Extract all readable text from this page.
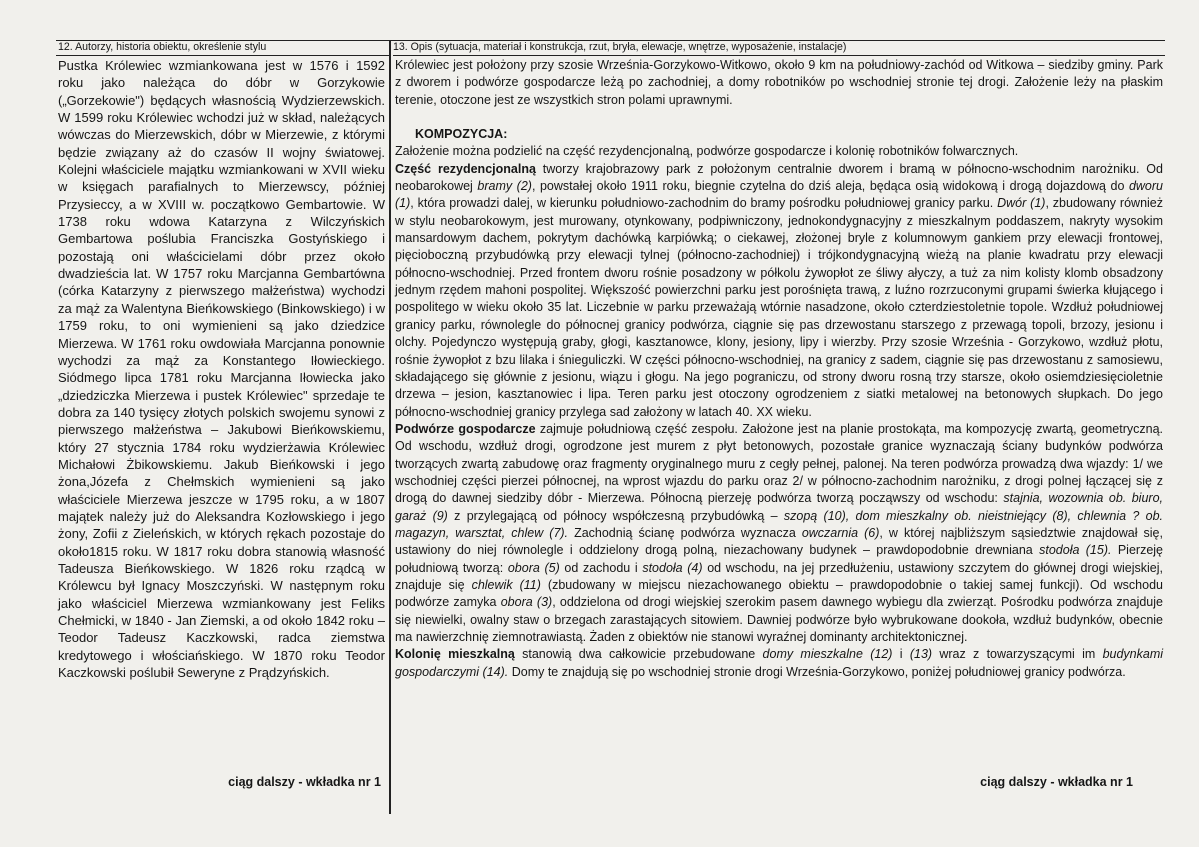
12. Autorzy, historia obiektu, określenie stylu
Pustka Królewiec wzmiankowana jest w 1576 i 1592 roku jako należąca do dóbr w Gorzykowie („Gorzekowie") będących własnością Wydzierzewskich. W 1599 roku Królewiec wchodzi już w skład, należących wówczas do Mierzewskich, dóbr w Mierzewie, z którymi będzie związany aż do czasów II wojny światowej. Kolejni właściciele majątku wzmiankowani w XVII wieku w księgach parafialnych to Mierzewscy, później Przysieccy, a w XVIII w. początkowo Gembartowie. W 1738 roku wdowa Katarzyna z Wilczyńskich Gembartowa poślubia Franciszka Gostyńskiego i pozostają oni właścicielami dóbr przez około dwadzieścia lat. W 1757 roku Marcjanna Gembartówna (córka Katarzyny z pierwszego małżeństwa) wychodzi za mąż za Walentyna Bieńkowskiego (Binkowskiego) i w 1759 roku, to oni wymienieni są jako dziedzice Mierzewa. W 1761 roku owdowiała Marcjanna ponownie wychodzi za mąż za Konstantego Iłowieckiego. Siódmego lipca 1781 roku Marcjanna Iłowiecka jako „dziedziczka Mierzewa i pustek Królewiec" sprzedaje te dobra za 140 tysięcy złotych polskich swojemu synowi z pierwszego małżeństwa – Jakubowi Bieńkowskiemu, który 27 stycznia 1784 roku wydzierżawia Królewiec Michałowi Żbikowskiemu. Jakub Bieńkowski i jego żona,Józefa z Chełmskich wymienieni są jako właściciele Mierzewa jeszcze w 1795 roku, a w 1807 majątek należy już do Aleksandra Kozłowskiego i jego żony, Zofii z Zieleńskich, w których rękach pozostaje do około1815 roku. W 1817 roku dobra stanowią własność Tadeusza Bieńkowskiego. W 1826 roku rządcą w Królewcu był Ignacy Moszczyński. W następnym roku jako właściciel Mierzewa wzmiankowany jest Feliks Chełmicki, w 1840 - Jan Ziemski, a od około 1842 roku – Teodor Tadeusz Kaczkowski, radca ziemstwa kredytowego i włościańskiego. W 1870 roku Teodor Kaczkowski poślubił Seweryne z Prądzyńskich.
ciąg dalszy - wkładka nr 1
13. Opis (sytuacja, materiał i konstrukcja, rzut, bryła, elewacje, wnętrze, wyposażenie, instalacje)

Królewiec jest położony przy szosie Września-Gorzykowo-Witkowo, około 9 km na południowy-zachód od Witkowa – siedziby gminy. Park z dworem i podwórze gospodarcze leżą po zachodniej, a domy robotników po wschodniej stronie tej drogi. Założenie leży na płaskim terenie, otoczone jest ze wszystkich stron polami uprawnymi.

KOMPOZYCJA:

Założenie można podzielić na część rezydencjonalną, podwórze gospodarcze i kolonię robotników folwarcznych.

Część rezydencjonalną tworzy krajobrazowy park z położonym centralnie dworem i bramą w północno-wschodnim narożniku. Od neobarokowej bramy (2), powstałej około 1911 roku, biegnie czytelna do dziś aleja, będąca osią widokową i drogą dojazdową do dworu (1), która prowadzi dalej, w kierunku południowo-zachodnim do bramy pośrodku południowej granicy parku. Dwór (1), zbudowany również w stylu neobarokowym, jest murowany, otynkowany, podpiwniczony, jednokondygnacyjny z mieszkalnym poddaszem, nakryty wysokim mansardowym dachem, pokrytym dachówką karpiówką; o ciekawej, złożonej bryle z kolumnowym gankiem przy elewacji frontowej, pięcioboczną przybudówką przy elewacji tylnej (północno-zachodniej) i trójkondygnacyjną wieżą na planie kwadratu przy elewacji północno-wschodniej. Przed frontem dworu rośnie posadzony w półkolu żywopłot ze śliwy ałyczy, a tuż za nim kolisty klomb obsadzony jednym rzędem mahoni pospolitej. Większość powierzchni parku jest porośnięta trawą, z luźno rozrzuconymi grupami świerka kłującego i pospolitego w wieku około 35 lat. Liczebnie w parku przeważają wtórnie nasadzone, około czterdziestoletnie topole. Wzdłuż południowej granicy parku, równolegle do północnej granicy podwórza, ciągnie się pas drzewostanu starszego z przewagą topoli, brzozy, jesionu i olchy. Pojedynczo występują graby, głogi, kasztanowce, klony, jesiony, lipy i wierzby. Przy szosie Września - Gorzykowo, wzdłuż płotu, rośnie żywopłot z bzu lilaka i śnieguliczki. W części północno-wschodniej, na granicy z sadem, ciągnie się pas drzewostanu z samosiewu, składającego się głównie z jesionu, wiązu i głogu. Na jego pograniczu, od strony dworu rosną trzy starsze, około osiemdziesięcioletnie drzewa – jesion, kasztanowiec i lipa. Teren parku jest otoczony ogrodzeniem z siatki metalowej na betonowych słupkach. Do jego północno-wschodniej granicy przylega sad założony w latach 40. XX wieku.

Podwórze gospodarcze zajmuje południową część zespołu. Założone jest na planie prostokąta, ma kompozycję zwartą, geometryczną. Od wschodu, wzdłuż drogi, ogrodzone jest murem z płyt betonowych, pozostałe granice wyznaczają ściany budynków podwórza tworzących zwartą zabudowę oraz fragmenty oryginalnego muru z cegły pełnej, palonej. Na teren podwórza prowadzą dwa wjazdy: 1/ we wschodniej części pierzei północnej, na wprost wjazdu do parku oraz 2/ w północno-zachodnim narożniku, z drogi polnej łączącej się z drogą do dawnej siedziby dóbr - Mierzewa. Północną pierzeję podwórza tworzą począwszy od wschodu: stajnia, wozownia ob. biuro, garaż (9) z przylegającą od północy współczesną przybudówką – szopą (10), dom mieszkalny ob. nieistniejący (8), chlewnia ? ob. magazyn, warsztat, chlew (7). Zachodnią ścianę podwórza wyznacza owczarnia (6), w której najbliższym sąsiedztwie znajdował się, ustawiony do niej równolegle i oddzielony drogą polną, niezachowany budynek – prawdopodobnie drewniana stodoła (15). Pierzeję południową tworzą: obora (5) od zachodu i stodoła (4) od wschodu, na jej przedłużeniu, ustawiony szczytem do głównej drogi wiejskiej, znajduje się chlewik (11) (zbudowany w miejscu niezachowanego obiektu – prawdopodobnie o takiej samej funkcji). Od wschodu podwórze zamyka obora (3), oddzielona od drogi wiejskiej szerokim pasem dawnego wybiegu dla zwierząt. Pośrodku podwórza znajduje się niewielki, owalny staw o brzegach zarastających sitowiem. Dawniej podwórze było wybrukowane dookoła, wzdłuż budynków, obecnie ma nawierzchnię ziemnotrawiastą. Żaden z obiektów nie stanowi wyraźnej dominanty architektonicznej.

Kolonię mieszkalną stanowią dwa całkowicie przebudowane domy mieszkalne (12) i (13) wraz z towarzyszącymi im budynkami gospodarczymi (14). Domy te znajdują się po wschodniej stronie drogi Września-Gorzykowo, poniżej południowej granicy podwórza.

ciąg dalszy - wkładka nr 1
